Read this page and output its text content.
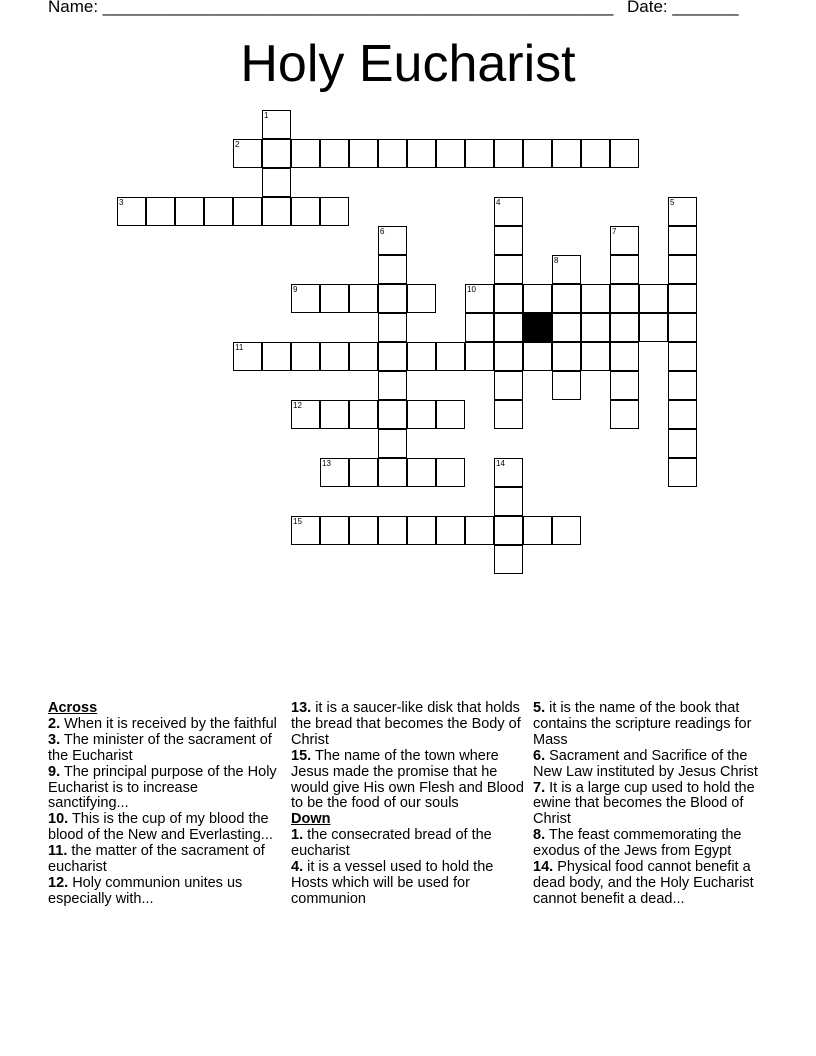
Name: ______________________________________________________ Date: _______
Holy Eucharist
1
2
3	4	5
6	7
8
9	10
11
12
13	14
15
Across
2. When it is received by the faithful
3. The minister of the sacrament of the Eucharist
9. The principal purpose of the Holy Eucharist is to increase sanctifying...
10. This is the cup of my blood the blood of the New and Everlasting...
11. the matter of the sacrament of eucharist
12. Holy communion unites us especially with...
13. it is a saucer-like disk that holds the bread that becomes the Body of Christ
15. The name of the town where Jesus made the promise that he would give His own Flesh and Blood to be the food of our souls
Down
1. the consecrated bread of the eucharist
4. it is a vessel used to hold the Hosts which will be used for communion
5. it is the name of the book that contains the scripture readings for Mass
6. Sacrament and Sacrifice of the New Law instituted by Jesus Christ
7. It is a large cup used to hold the ewine that becomes the Blood of Christ
8. The feast commemorating the exodus of the Jews from Egypt
14. Physical food cannot benefit a dead body, and the Holy Eucharist cannot benefit a dead...
